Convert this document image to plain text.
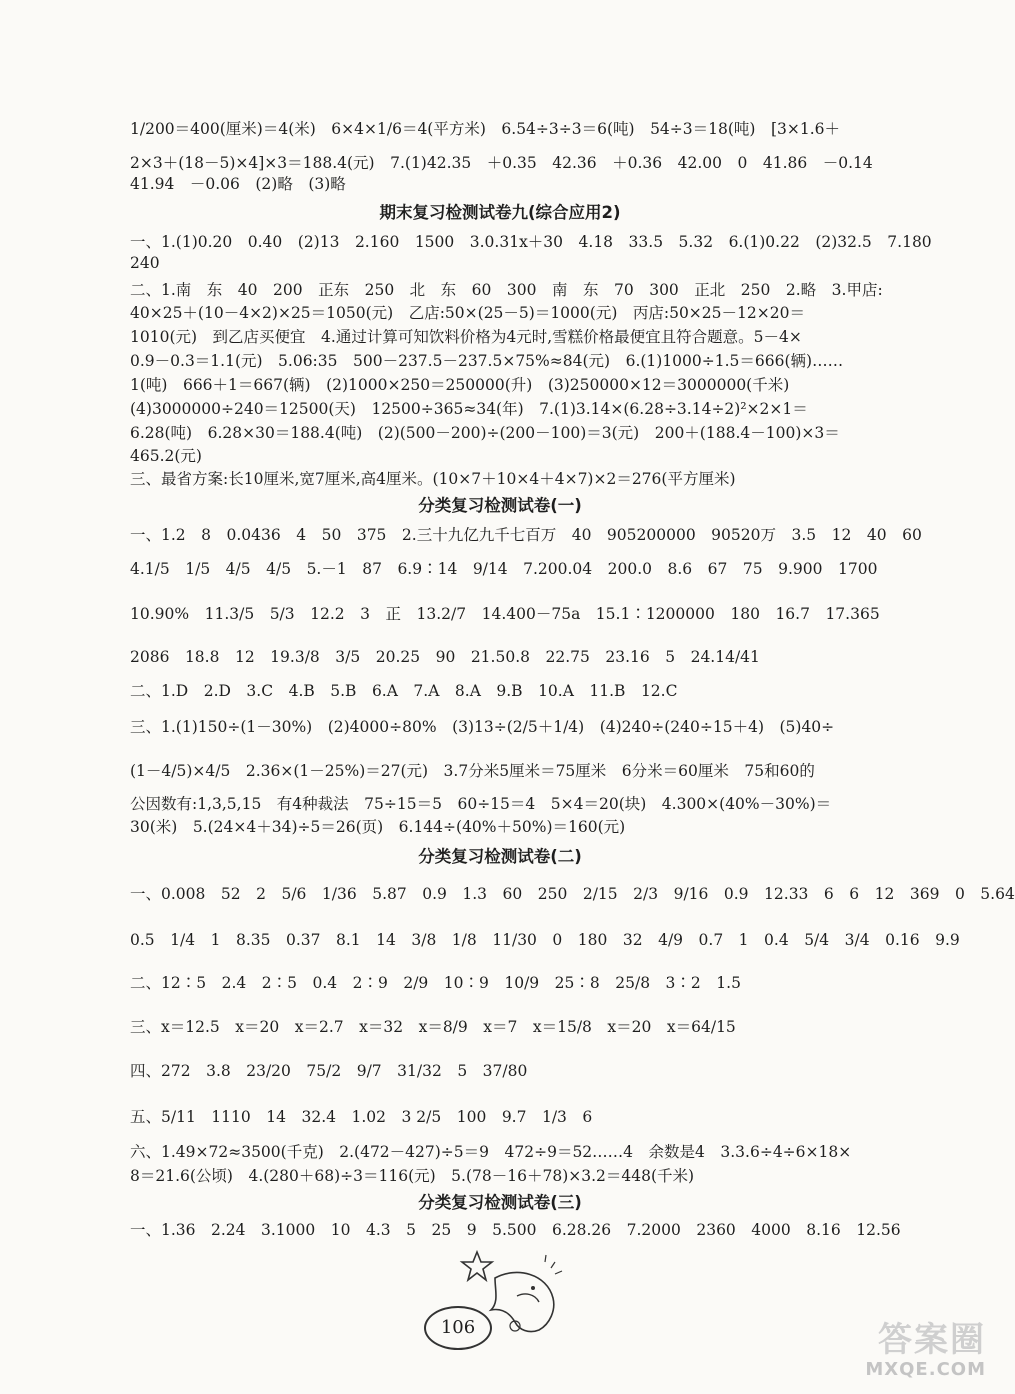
1/200＝400(厘米)＝4(米)　6×4×1/6＝4(平方米)　6.54÷3÷3＝6(吨)　54÷3＝18(吨)　[3×1.6＋
2×3＋(18－5)×4]×3＝188.4(元)　7.(1)42.35　＋0.35　42.36　＋0.36　42.00　0　41.86　－0.14
41.94　－0.06　(2)略　(3)略
期末复习检测试卷九(综合应用2)
一、1.(1)0.20　0.40　(2)13　2.160　1500　3.0.31x＋30　4.18　33.5　5.32　6.(1)0.22　(2)32.5　7.180
240
二、1.南　东　40　200　正东　250　北　东　60　300　南　东　70　300　正北　250　2.略　3.甲店:
40×25＋(10－4×2)×25＝1050(元)　乙店:50×(25－5)＝1000(元)　丙店:50×25－12×20＝
1010(元)　到乙店买便宜　4.通过计算可知饮料价格为4元时,雪糕价格最便宜且符合题意。5－4×
0.9－0.3＝1.1(元)　5.06:35　500－237.5－237.5×75%≈84(元)　6.(1)1000÷1.5＝666(辆)……
1(吨)　666＋1＝667(辆)　(2)1000×250＝250000(升)　(3)250000×12＝3000000(千米)
(4)3000000÷240＝12500(天)　12500÷365≈34(年)　7.(1)3.14×(6.28÷3.14÷2)²×2×1＝
6.28(吨)　6.28×30＝188.4(吨)　(2)(500－200)÷(200－100)＝3(元)　200＋(188.4－100)×3＝
465.2(元)
三、最省方案:长10厘米,宽7厘米,高4厘米。(10×7＋10×4＋4×7)×2＝276(平方厘米)
分类复习检测试卷(一)
一、1.2　8　0.0436　4　50　375　2.三十九亿九千七百万　40　905200000　90520万　3.5　12　40　60
4.1/5　1/5　4/5　4/5　5.－1　87　6.9∶14　9/14　7.200.04　200.0　8.6　67　75　9.900　1700
10.90%　11.3/5　5/3　12.2　3　正　13.2/7　14.400－75a　15.1∶1200000　180　16.7　17.365
2086　18.8　12　19.3/8　3/5　20.25　90　21.50.8　22.75　23.16　5　24.14/41
二、1.D　2.D　3.C　4.B　5.B　6.A　7.A　8.A　9.B　10.A　11.B　12.C
三、1.(1)150÷(1－30%)　(2)4000÷80%　(3)13÷(2/5＋1/4)　(4)240÷(240÷15＋4)　(5)40÷
(1－4/5)×4/5　2.36×(1－25%)＝27(元)　3.7分米5厘米＝75厘米　6分米＝60厘米　75和60的
公因数有:1,3,5,15　有4种裁法　75÷15＝5　60÷15＝4　5×4＝20(块)　4.300×(40%－30%)＝
30(米)　5.(24×4＋34)÷5＝26(页)　6.144÷(40%＋50%)＝160(元)
分类复习检测试卷(二)
一、0.008　52　2　5/6　1/36　5.87　0.9　1.3　60　250　2/15　2/3　9/16　0.9　12.33　6　6　12　369　0　5.64
0.5　1/4　1　8.35　0.37　8.1　14　3/8　1/8　11/30　0　180　32　4/9　0.7　1　0.4　5/4　3/4　0.16　9.9
二、12∶5　2.4　2∶5　0.4　2∶9　2/9　10∶9　10/9　25∶8　25/8　3∶2　1.5
三、x＝12.5　x＝20　x＝2.7　x＝32　x＝8/9　x＝7　x＝15/8　x＝20　x＝64/15
四、272　3.8　23/20　75/2　9/7　31/32　5　37/80
五、5/11　1110　14　32.4　1.02　3 2/5　100　9.7　1/3　6
六、1.49×72≈3500(千克)　2.(472－427)÷5＝9　472÷9＝52……4　余数是4　3.3.6÷4÷6×18×
8＝21.6(公顷)　4.(280＋68)÷3＝116(元)　5.(78－16＋78)×3.2＝448(千米)
分类复习检测试卷(三)
一、1.36　2.24　3.1000　10　4.3　5　25　9　5.500　6.28.26　7.2000　2360　4000　8.16　12.56
106	答案圈
MXQE.COM
